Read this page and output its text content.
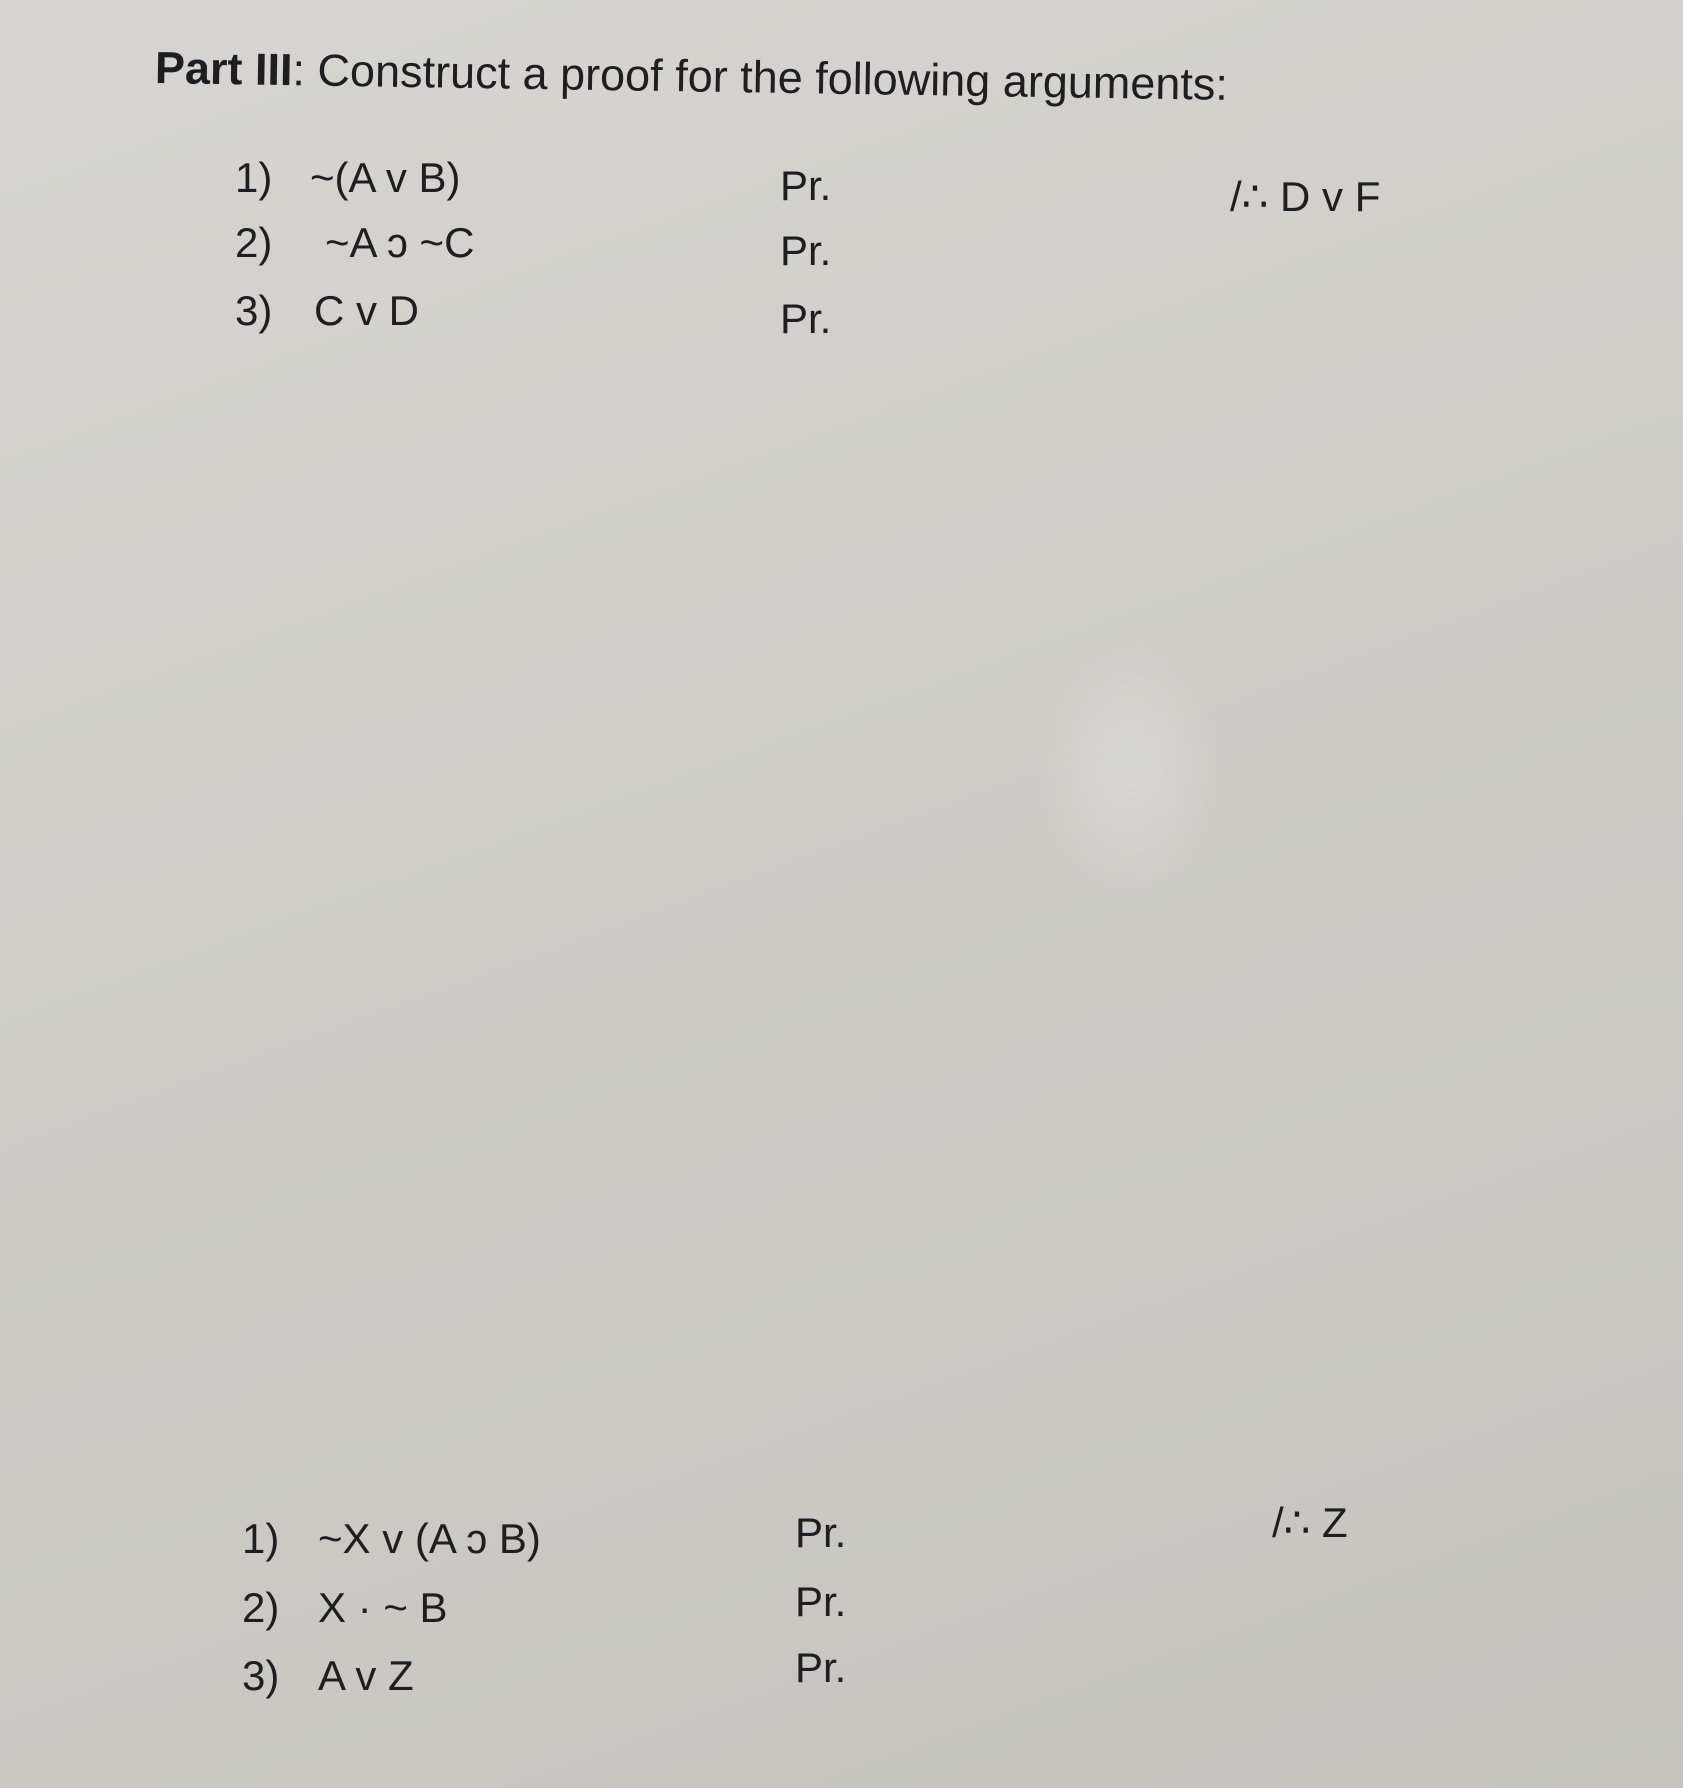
Part III: Construct a proof for the following arguments:
1) ~(A v B)	Pr.
2) ~A ɔ ~C	Pr.
3) C v D	Pr.
/∴ D v F
1) ~X v (A ɔ B)	Pr.
2) X · ~ B	Pr.
3) A v Z	Pr.
/∴ Z
